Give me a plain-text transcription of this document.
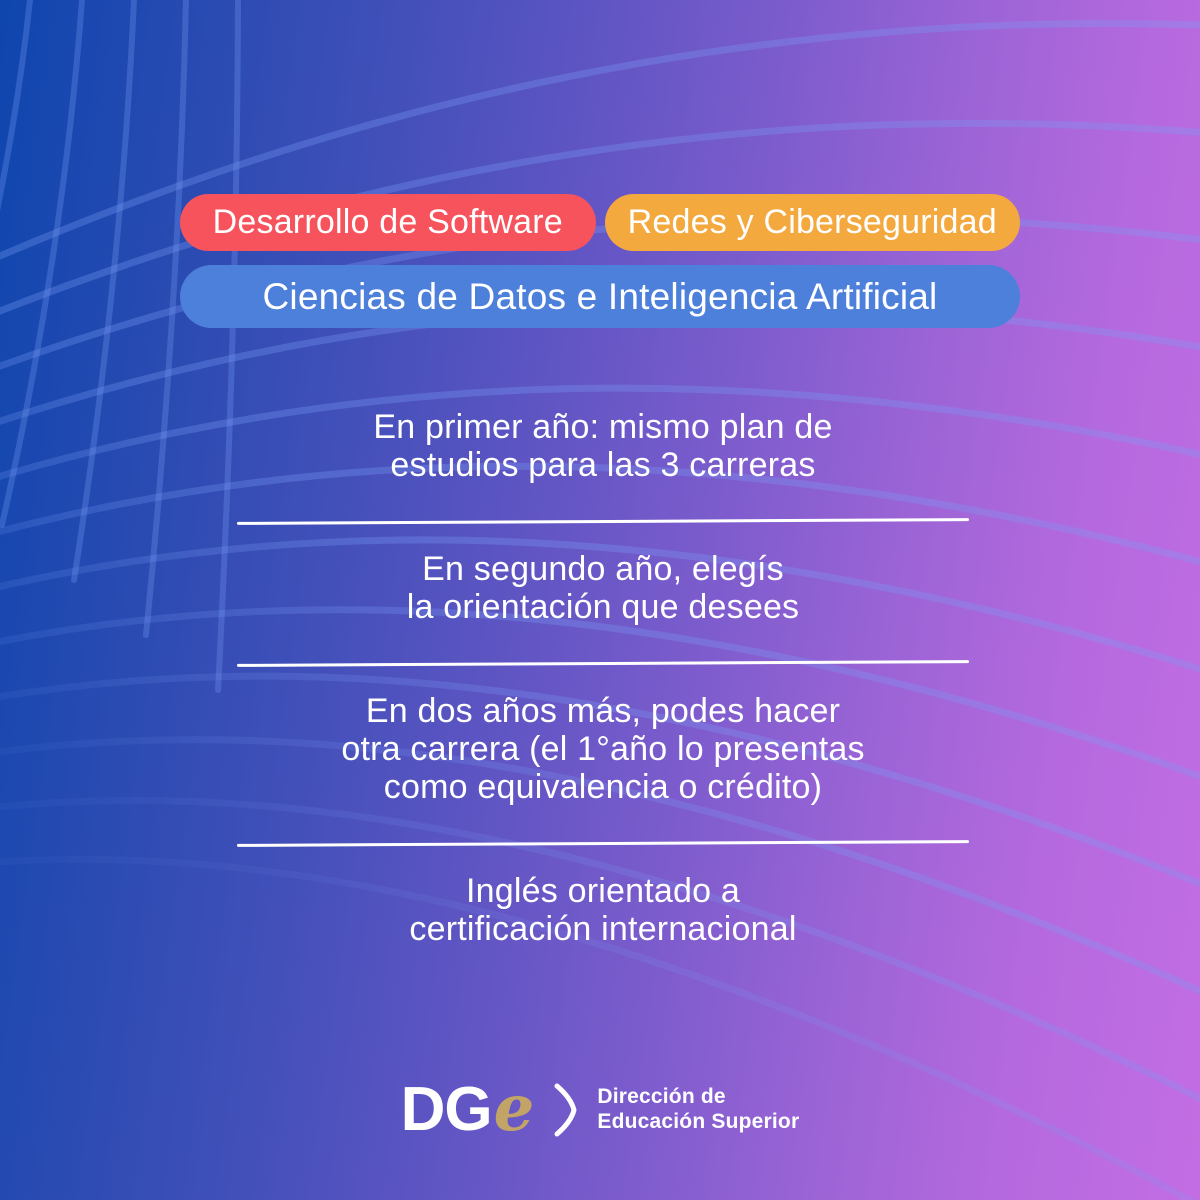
Desarrollo de Software	Redes y Ciberseguridad
Ciencias de Datos e Inteligencia Artificial
En primer año: mismo plan de
estudios para las 3 carreras
En segundo año, elegís
la orientación que desees
En dos años más, podes hacer
otra carrera (el 1°año lo presentas
como equivalencia o crédito)
Inglés orientado a
certificación internacional
DG e	Dirección de
Educación Superior
